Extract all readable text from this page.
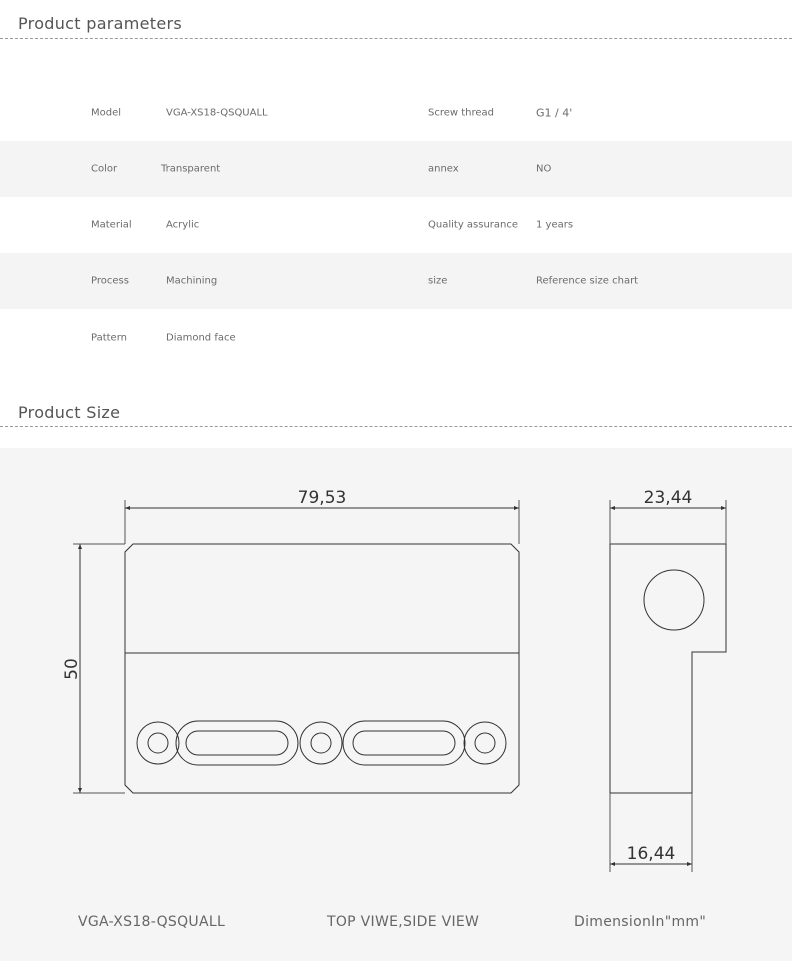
Product parameters
Model	VGA-XS18-QSQUALL	Screw thread	G1 / 4'
Color	Transparent	annex	NO
Material	Acrylic	Quality assurance 1 years
Process	Machining	size	Reference size chart
Pattern	Diamond face
Product Size
79,53
50
23,44
16,44
VGA-XS18-QSQUALL	TOP VIWE,SIDE VIEW	DimensionIn"mm"
